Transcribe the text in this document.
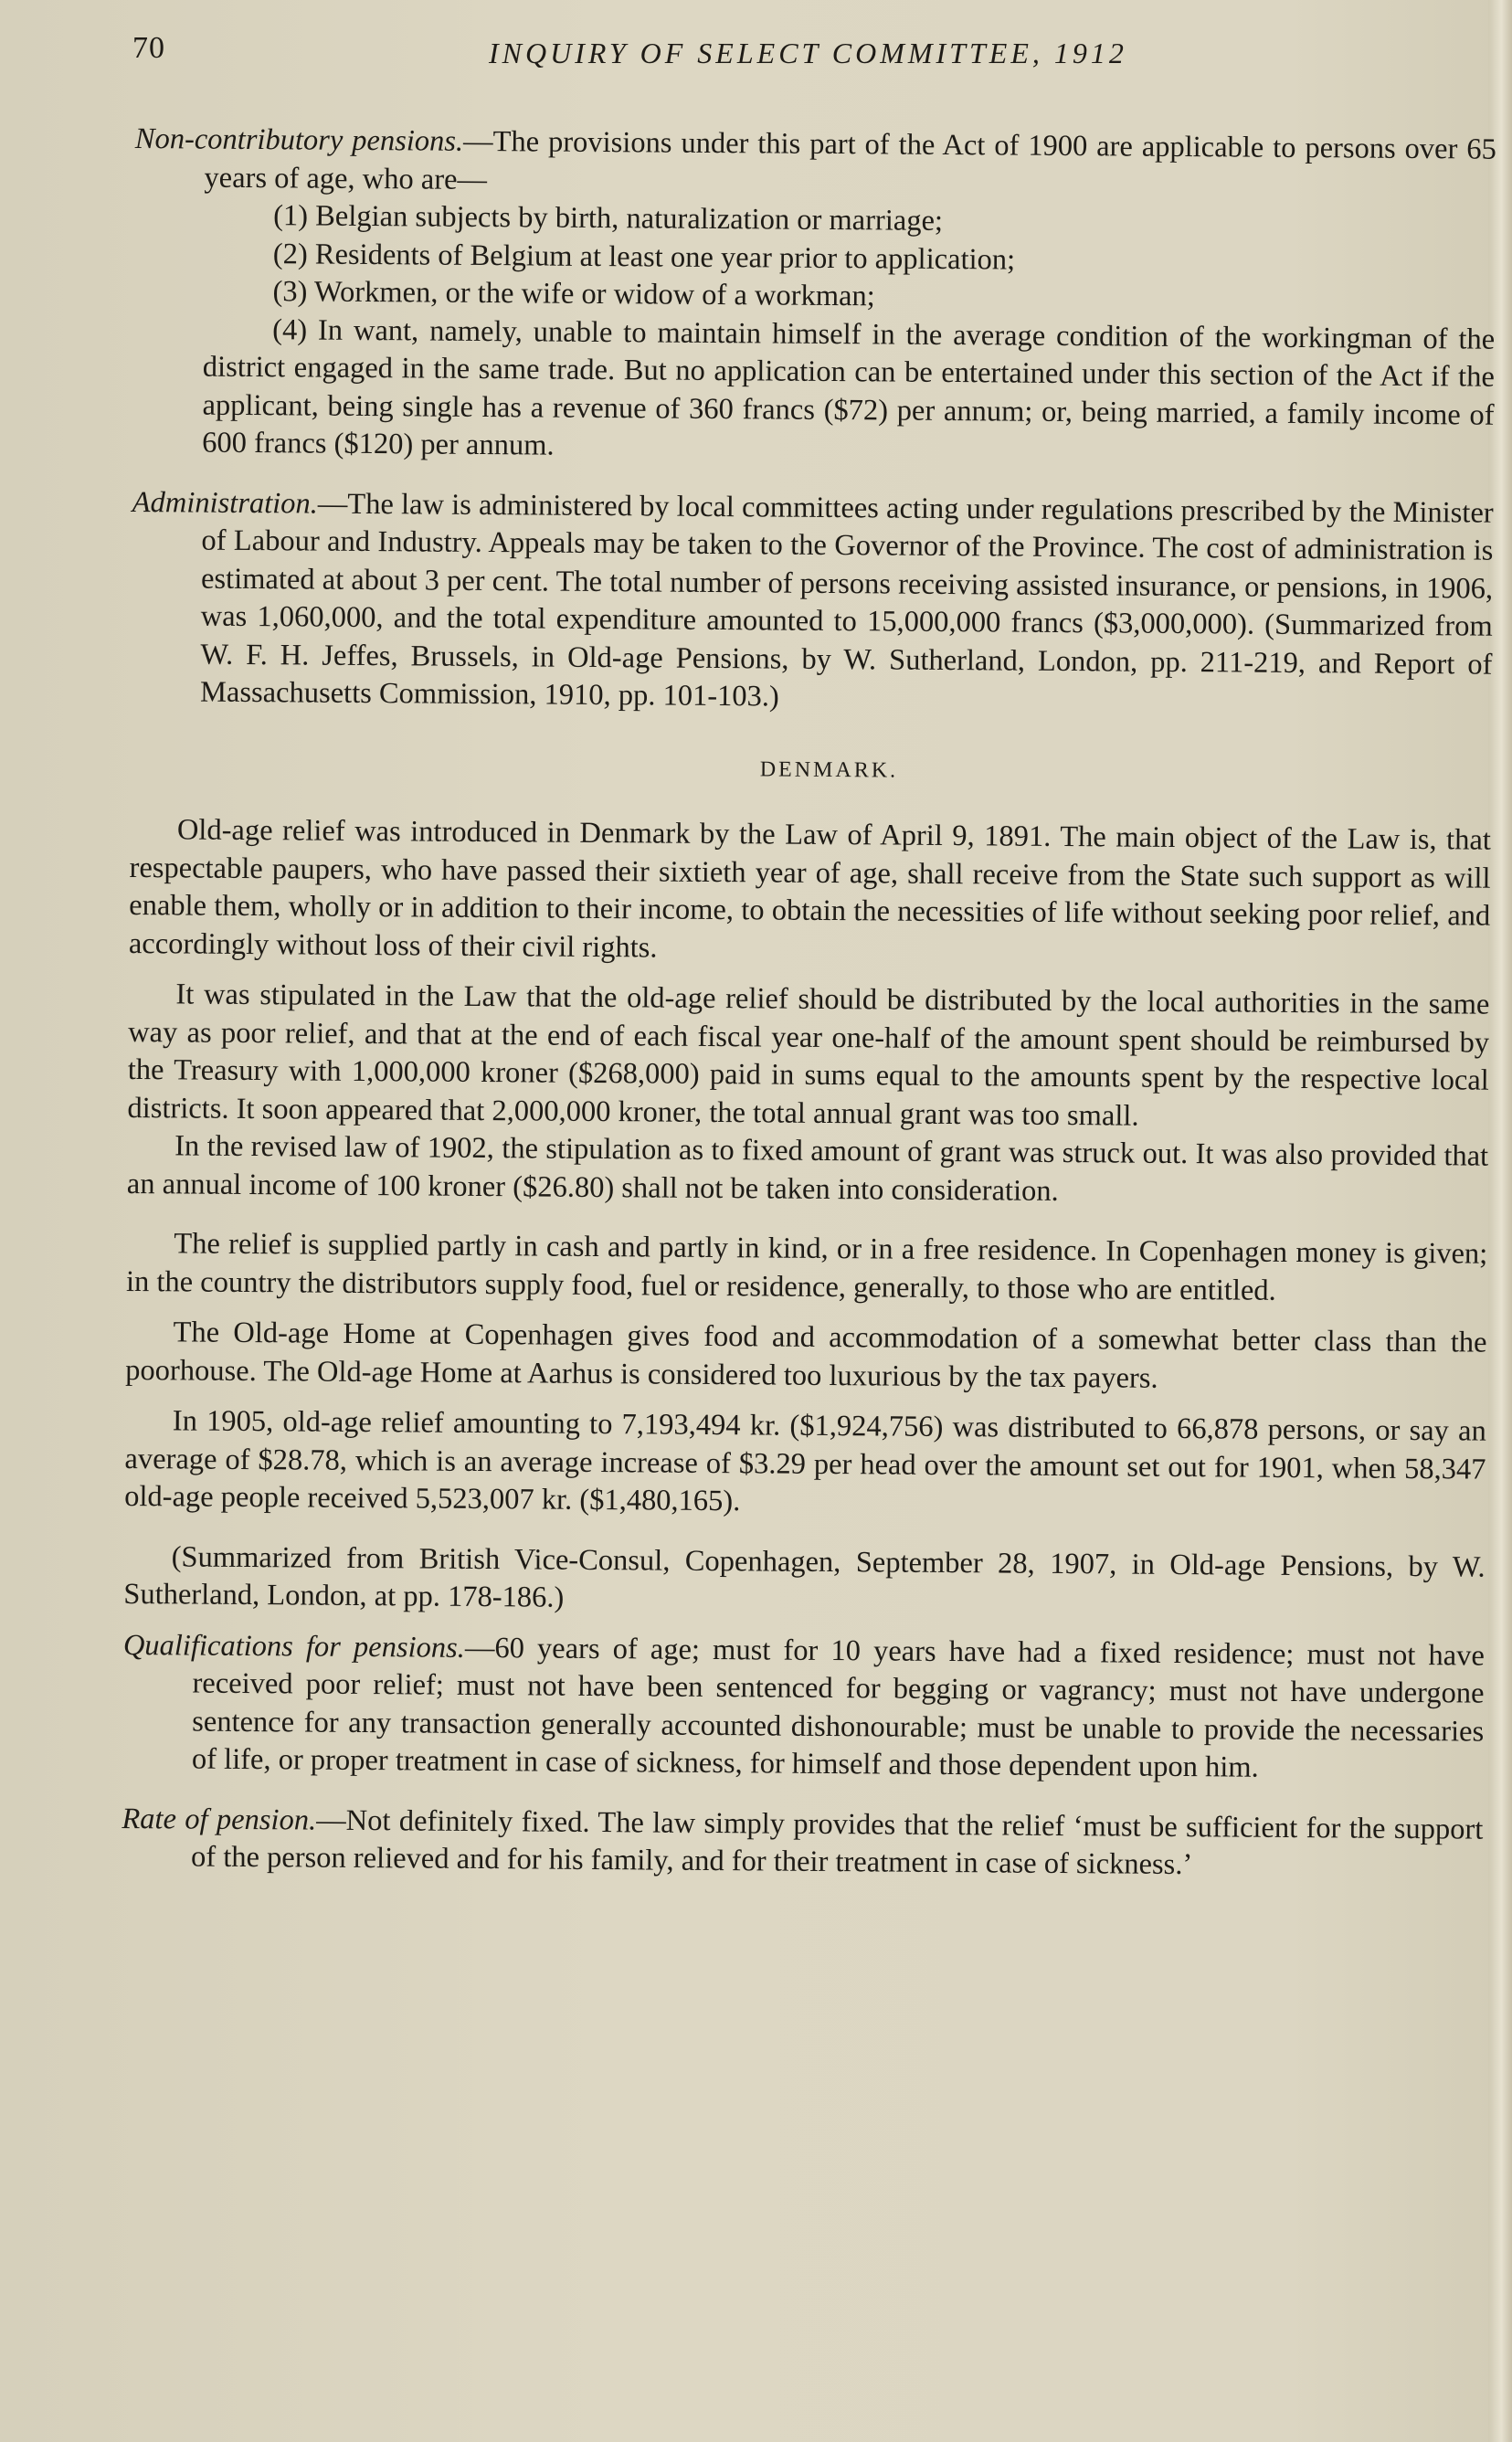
70	INQUIRY OF SELECT COMMITTEE, 1912

Non-contributory pensions.—The provisions under this part of the Act of 1900 are applicable to persons over 65 years of age, who are—

(1) Belgian subjects by birth, naturalization or marriage;

(2) Residents of Belgium at least one year prior to application;

(3) Workmen, or the wife or widow of a workman;

(4) In want, namely, unable to maintain himself in the average condition of the workingman of the district engaged in the same trade. But no application can be entertained under this section of the Act if the applicant, being single has a revenue of 360 francs ($72) per annum; or, being married, a family income of 600 francs ($120) per annum.

Administration.—The law is administered by local committees acting under regulations prescribed by the Minister of Labour and Industry. Appeals may be taken to the Governor of the Province. The cost of administration is estimated at about 3 per cent. The total number of persons receiving assisted insurance, or pensions, in 1906, was 1,060,000, and the total expenditure amounted to 15,000,000 francs ($3,000,000). (Summarized from W. F. H. Jeffes, Brussels, in Old-age Pensions, by W. Sutherland, London, pp. 211-219, and Report of Massachusetts Commission, 1910, pp. 101-103.)

DENMARK.

Old-age relief was introduced in Denmark by the Law of April 9, 1891. The main object of the Law is, that respectable paupers, who have passed their sixtieth year of age, shall receive from the State such support as will enable them, wholly or in addition to their income, to obtain the necessities of life without seeking poor relief, and accordingly without loss of their civil rights.

It was stipulated in the Law that the old-age relief should be distributed by the local authorities in the same way as poor relief, and that at the end of each fiscal year one-half of the amount spent should be reimbursed by the Treasury with 1,000,000 kroner ($268,000) paid in sums equal to the amounts spent by the respective local districts. It soon appeared that 2,000,000 kroner, the total annual grant was too small.

In the revised law of 1902, the stipulation as to fixed amount of grant was struck out. It was also provided that an annual income of 100 kroner ($26.80) shall not be taken into consideration.

The relief is supplied partly in cash and partly in kind, or in a free residence. In Copenhagen money is given; in the country the distributors supply food, fuel or residence, generally, to those who are entitled.

The Old-age Home at Copenhagen gives food and accommodation of a somewhat better class than the poorhouse. The Old-age Home at Aarhus is considered too luxurious by the tax payers.

In 1905, old-age relief amounting to 7,193,494 kr. ($1,924,756) was distributed to 66,878 persons, or say an average of $28.78, which is an average increase of $3.29 per head over the amount set out for 1901, when 58,347 old-age people received 5,523,007 kr. ($1,480,165).

(Summarized from British Vice-Consul, Copenhagen, September 28, 1907, in Old-age Pensions, by W. Sutherland, London, at pp. 178-186.)

Qualifications for pensions.—60 years of age; must for 10 years have had a fixed residence; must not have received poor relief; must not have been sentenced for begging or vagrancy; must not have undergone sentence for any transaction generally accounted dishonourable; must be unable to provide the necessaries of life, or proper treatment in case of sickness, for himself and those dependent upon him.

Rate of pension.—Not definitely fixed. The law simply provides that the relief ‘must be sufficient for the support of the person relieved and for his family, and for their treatment in case of sickness.’
